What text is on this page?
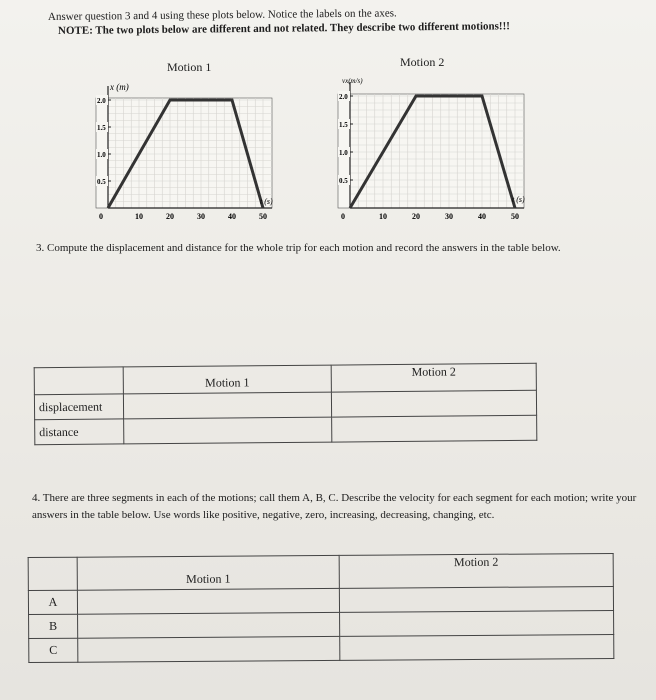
Answer question 3 and 4 using these plots below. Notice the labels on the axes.
NOTE: The two plots below are different and not related. They describe two different motions!!!
Motion 1	Motion 2
x (m)
t (s)
2.0
1.5
1.0
0.5
0	10	20	30	40	50
vx(m/s)
t (s)
2.0
1.5
1.0
0.5
0	10	20	30	40	50
3. Compute the displacement and distance for the whole trip for each motion and record the answers in the table below.
	Motion 1	Motion 2
displacement		
distance		
4. There are three segments in each of the motions; call them A, B, C. Describe the velocity for each segment for each motion; write your answers in the table below. Use words like positive, negative, zero, increasing, decreasing, changing, etc.
	Motion 1	Motion 2
A		
B		
C		
